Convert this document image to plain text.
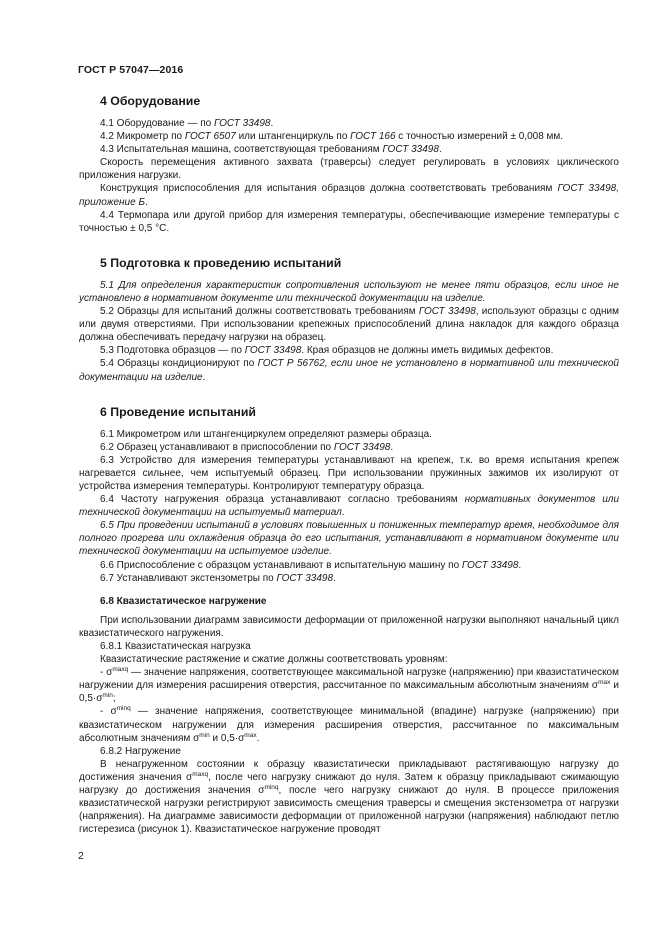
ГОСТ Р 57047—2016
4 Оборудование

4.1 Оборудование — по ГОСТ 33498.

4.2 Микрометр по ГОСТ 6507 или штангенциркуль по ГОСТ 166 с точностью измерений ± 0,008 мм.

4.3 Испытательная машина, соответствующая требованиям ГОСТ 33498.

Скорость перемещения активного захвата (траверсы) следует регулировать в условиях циклического приложения нагрузки.

Конструкция приспособления для испытания образцов должна соответствовать требованиям ГОСТ 33498, приложение Б.

4.4 Термопара или другой прибор для измерения температуры, обеспечивающие измерение температуры с точностью ± 0,5 °С.

5 Подготовка к проведению испытаний

5.1 Для определения характеристик сопротивления используют не менее пяти образцов, если иное не установлено в нормативном документе или технической документации на изделие.

5.2 Образцы для испытаний должны соответствовать требованиям ГОСТ 33498, используют образцы с одним или двумя отверстиями. При использовании крепежных приспособлений длина накладок для каждого образца должна обеспечивать передачу нагрузки на образец.

5.3 Подготовка образцов — по ГОСТ 33498. Края образцов не должны иметь видимых дефектов.

5.4 Образцы кондиционируют по ГОСТ Р 56762, если иное не установлено в нормативной или технической документации на изделие.

6 Проведение испытаний

6.1 Микрометром или штангенциркулем определяют размеры образца.

6.2 Образец устанавливают в приспособлении по ГОСТ 33498.

6.3 Устройство для измерения температуры устанавливают на крепеж, т.к. во время испытания крепеж нагревается сильнее, чем испытуемый образец. При использовании пружинных зажимов их изолируют от устройства измерения температуры. Контролируют температуру образца.

6.4 Частоту нагружения образца устанавливают согласно требованиям нормативных документов или технической документации на испытуемый материал.

6.5 При проведении испытаний в условиях повышенных и пониженных температур время, необходимое для полного прогрева или охлаждения образца до его испытания, устанавливают в нормативном документе или технической документации на испытуемое изделие.

6.6 Приспособление с образцом устанавливают в испытательную машину по ГОСТ 33498.

6.7 Устанавливают экстензометры по ГОСТ 33498.

6.8 Квазистатическое нагружение

При использовании диаграмм зависимости деформации от приложенной нагрузки выполняют начальный цикл квазистатического нагружения.

6.8.1 Квазистатическая нагрузка

Квазистатические растяжение и сжатие должны соответствовать уровням:

- $\sigma^{maxq}$ — значение напряжения, соответствующее максимальной нагрузке (напряжению) при квазистатическом нагружении для измерения расширения отверстия, рассчитанное по максимальным абсолютным значениям $\sigma^{max}$ и $0,5\cdot\sigma^{min}$;

- $\sigma^{minq}$ — значение напряжения, соответствующее минимальной (впадине) нагрузке (напряжению) при квазистатическом нагружении для измерения расширения отверстия, рассчитанное по максимальным абсолютным значениям $\sigma^{min}$ и $0,5\cdot\sigma^{max}$.

6.8.2 Нагружение

В ненагруженном состоянии к образцу квазистатически прикладывают растягивающую нагрузку до достижения значения $\sigma^{maxq}$, после чего нагрузку снижают до нуля. Затем к образцу прикладывают сжимающую нагрузку до достижения значения $\sigma^{minq}$, после чего нагрузку снижают до нуля. В процессе приложения квазистатической нагрузки регистрируют зависимость смещения траверсы и смещения экстензометра от нагрузки (напряжения). На диаграмме зависимости деформации от приложенной нагрузки (напряжения) наблюдают петлю гистерезиса (рисунок 1). Квазистатическое нагружение проводят

2
